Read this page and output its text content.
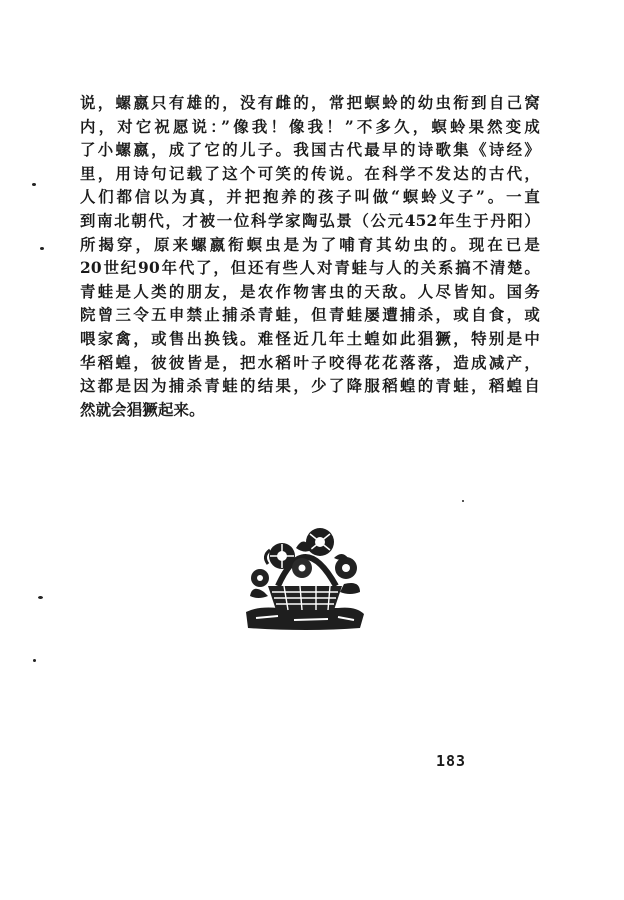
说，螺嬴只有雄的，没有雌的，常把螟蛉的幼虫衔到自己窝
内，对它祝愿说：”像我！像我！”不多久，螟蛉果然变成
了小螺嬴，成了它的儿子。我国古代最早的诗歌集《诗经》
里，用诗句记载了这个可笑的传说。在科学不发达的古代，
人们都信以为真，并把抱养的孩子叫做“螟蛉义子”。一直
到南北朝代，才被一位科学家陶弘景（公元452年生于丹阳）
所揭穿，原来螺嬴衔螟虫是为了哺育其幼虫的。现在已是
20世纪90年代了，但还有些人对青蛙与人的关系搞不清楚。
青蛙是人类的朋友，是农作物害虫的天敌。人尽皆知。国务
院曾三令五申禁止捕杀青蛙，但青蛙屡遭捕杀，或自食，或
喂家禽，或售出换钱。难怪近几年土蝗如此猖獗，特别是中
华稻蝗，彼彼皆是，把水稻叶子咬得花花落落，造成减产，
这都是因为捕杀青蛙的结果，少了降服稻蝗的青蛙，稻蝗自
然就会猖獗起来。
183
